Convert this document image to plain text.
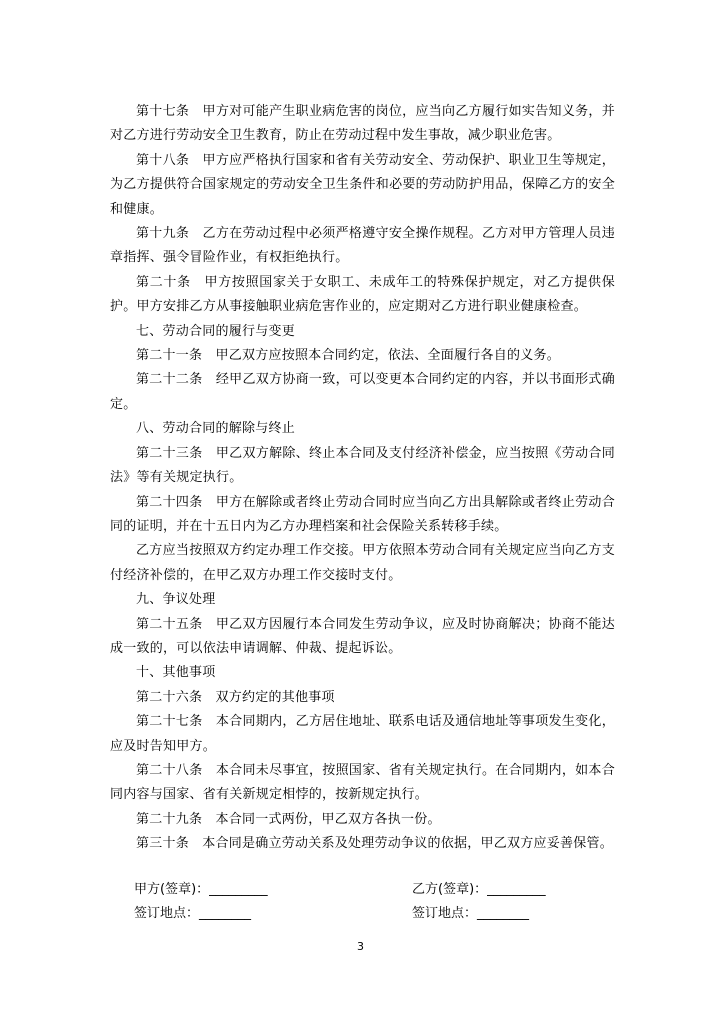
第十七条　甲方对可能产生职业病危害的岗位，应当向乙方履行如实告知义务，并对乙方进行劳动安全卫生教育，防止在劳动过程中发生事故，减少职业危害。

第十八条　甲方应严格执行国家和省有关劳动安全、劳动保护、职业卫生等规定，为乙方提供符合国家规定的劳动安全卫生条件和必要的劳动防护用品，保障乙方的安全和健康。

第十九条　乙方在劳动过程中必须严格遵守安全操作规程。乙方对甲方管理人员违章指挥、强令冒险作业，有权拒绝执行。

第二十条　甲方按照国家关于女职工、未成年工的特殊保护规定，对乙方提供保护。甲方安排乙方从事接触职业病危害作业的，应定期对乙方进行职业健康检查。

七、劳动合同的履行与变更

第二十一条　甲乙双方应按照本合同约定，依法、全面履行各自的义务。

第二十二条　经甲乙双方协商一致，可以变更本合同约定的内容，并以书面形式确定。

八、劳动合同的解除与终止

第二十三条　甲乙双方解除、终止本合同及支付经济补偿金，应当按照《劳动合同法》等有关规定执行。

第二十四条　甲方在解除或者终止劳动合同时应当向乙方出具解除或者终止劳动合同的证明，并在十五日内为乙方办理档案和社会保险关系转移手续。

乙方应当按照双方约定办理工作交接。甲方依照本劳动合同有关规定应当向乙方支付经济补偿的，在甲乙双方办理工作交接时支付。

九、争议处理

第二十五条　甲乙双方因履行本合同发生劳动争议，应及时协商解决；协商不能达成一致的，可以依法申请调解、仲裁、提起诉讼。

十、其他事项

第二十六条　双方约定的其他事项

第二十七条　本合同期内，乙方居住地址、联系电话及通信地址等事项发生变化，应及时告知甲方。

第二十八条　本合同未尽事宜，按照国家、省有关规定执行。在合同期内，如本合同内容与国家、省有关新规定相悖的，按新规定执行。

第二十九条　本合同一式两份，甲乙双方各执一份。

第三十条　本合同是确立劳动关系及处理劳动争议的依据，甲乙双方应妥善保管。

甲方(签章)：_________	乙方(签章)：_________
签订地点：________	签订地点：________
3
